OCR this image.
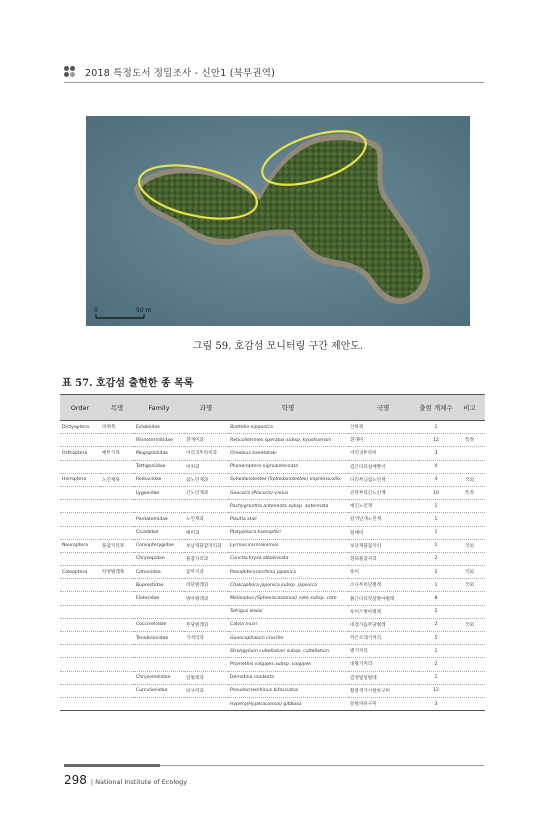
2018 특정도서 정밀조사 - 신안1 (북부권역)
0	50 m
그림 59. 호감섬 모니터링 구간 제안도.
표 57. 호감섬 출현한 종 목록
Order	목명	Family	과명	학명	국명	출현 개체수	비고
Dictyoptera	바퀴목	Ectobiidae		Blattella nipponica	산바퀴	1	
		Rhinotermitidae	흰개미과	Reticulitermes speratus subsp. kyushuensis	흰개미	12	특정
Orthoptera	메뚜기목	Mogoplistidae	어리귀뚜라미과	Ornebius kanetataki	어리귀뚜라미	3	
		Tettigoniidae	여치과	Phaneroptera nigroantennata	검은다리실베짱이	4	
Hemiptera	노린재목	Reduviidae	침노린재과	Sphedanolestes (Sphedanolestes) impressicollis	다리무늬침노린재	4	국외
		Lygaeidae	긴노린재과	Geocoris (Piocoris) varius	큰딱부리긴노린재	10	특정
				Pachygrontha antennata subsp. antennata	애긴노린재	1	
		Pentatomidae	노린재과	Plautia stali	갈색날개노린재	1	
		Cicadidae	매미과	Platypleura kaempferi	털매미	1	
Neuroptera	풀잠자리목	Coniopterygidae	보날개풀잠자리과	Lyrmus karmainimus	보날개풀잠자리	1	국외
		Chrysopidae	풀잠자리과	Cunctochrysa albolineata	흰띠풀잠자리	2	
Coleoptera	딱정벌레목	Cetoniidae	꽃무지과	Pseudotorynorrhina japonica	풍이	2	국외
		Buprestidae	비단벌레과	Chalcophora japonica subsp. japonica	소나무비단벌레	1	국외
		Elateridae	방아벌레과	Melanotus (Spheniscosomus) cete subsp. cete	붉은다리빗살방아벌레	8	
				Tetrigus lewisi	루이스방아벌레	2	
		Coccinellidae	무당벌레과	Calvia muiri	네점가슴무당벌레	2	국외
		Tenebrionidae	거저리과	Gonocephalum crucifer	작은모래거저리	5	
				Strongylium cultellatum subsp. cultellatum	별거저리	1	
				Promethis valgipes subsp. valgipes	대왕거저리	2	
		Chrysomelidae	잎벌레과	Demotina modesta	검정털잎벌레	1	
		Curculionidae	바구미과	Pseudocneorhinus bifasciatus	황갈색가시털바구미	12	
				Hypera(Hyperacomus) gibbosa	알팔파바구미	3	
298 | National Institute of Ecology
